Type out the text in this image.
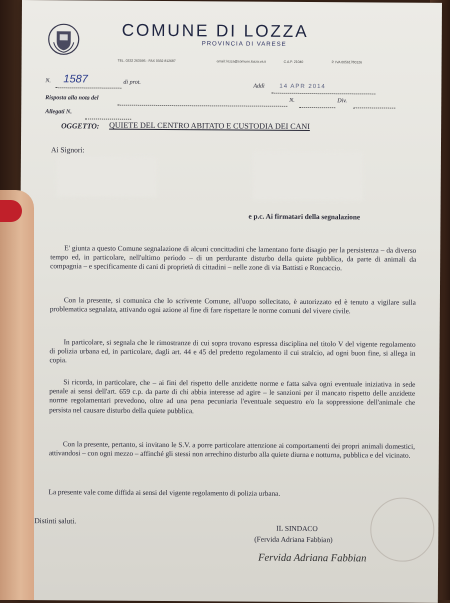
COMUNE DI LOZZA
PROVINCIA DI VARESE
TEL. 0332 263095 - FAX 0332 812687	email: lozza@comune.lozza.va.it	C.A.P. 21040	P. IVA 00561780126
N. 1587	di prot.
Addì 14 APR 2014
Risposta alla nota del	N.	Div.
Allegati N.
OGGETTO: QUIETE DEL CENTRO ABITATO E CUSTODIA DEI CANI
Ai Signori:
e p.c. Ai firmatari della segnalazione

E' giunta a questo Comune segnalazione di alcuni concittadini che lamentano forte disagio per la persistenza – da diverso tempo ed, in particolare, nell'ultimo periodo – di un perdurante disturbo della quiete pubblica, da parte di animali da compagnia – e specificamente di cani di proprietà di cittadini – nelle zone di via Battisti e Roncaccio.

Con la presente, si comunica che lo scrivente Comune, all'uopo sollecitato, è autorizzato ed è tenuto a vigilare sulla problematica segnalata, attivando ogni azione al fine di fare rispettare le norme comuni del vivere civile.

In particolare, si segnala che le rimostranze di cui sopra trovano espressa disciplina nel titolo V del vigente regolamento di polizia urbana ed, in particolare, dagli art. 44 e 45 del predetto regolamento il cui stralcio, ad ogni buon fine, si allega in copia.

Si ricorda, in particolare, che – ai fini del rispetto delle anzidette norme e fatta salva ogni eventuale iniziativa in sede penale ai sensi dell'art. 659 c.p. da parte di chi abbia interesse ad agire – le sanzioni per il mancato rispetto delle anzidette norme regolamentari prevedono, oltre ad una pena pecuniaria l'eventuale sequestro e/o la soppressione dell'animale che persista nel causare disturbo della quiete pubblica.

Con la presente, pertanto, si invitano le S.V. a porre particolare attenzione ai comportamenti dei propri animali domestici, attivandosi – con ogni mezzo – affinché gli stessi non arrechino disturbo alla quiete diurna e notturna, pubblica e del vicinato.

La presente vale come diffida ai sensi del vigente regolamento di polizia urbana.

Distinti saluti.
IL SINDACO
(Fervida Adriana Fabbian)
Fervida Adriana Fabbian
